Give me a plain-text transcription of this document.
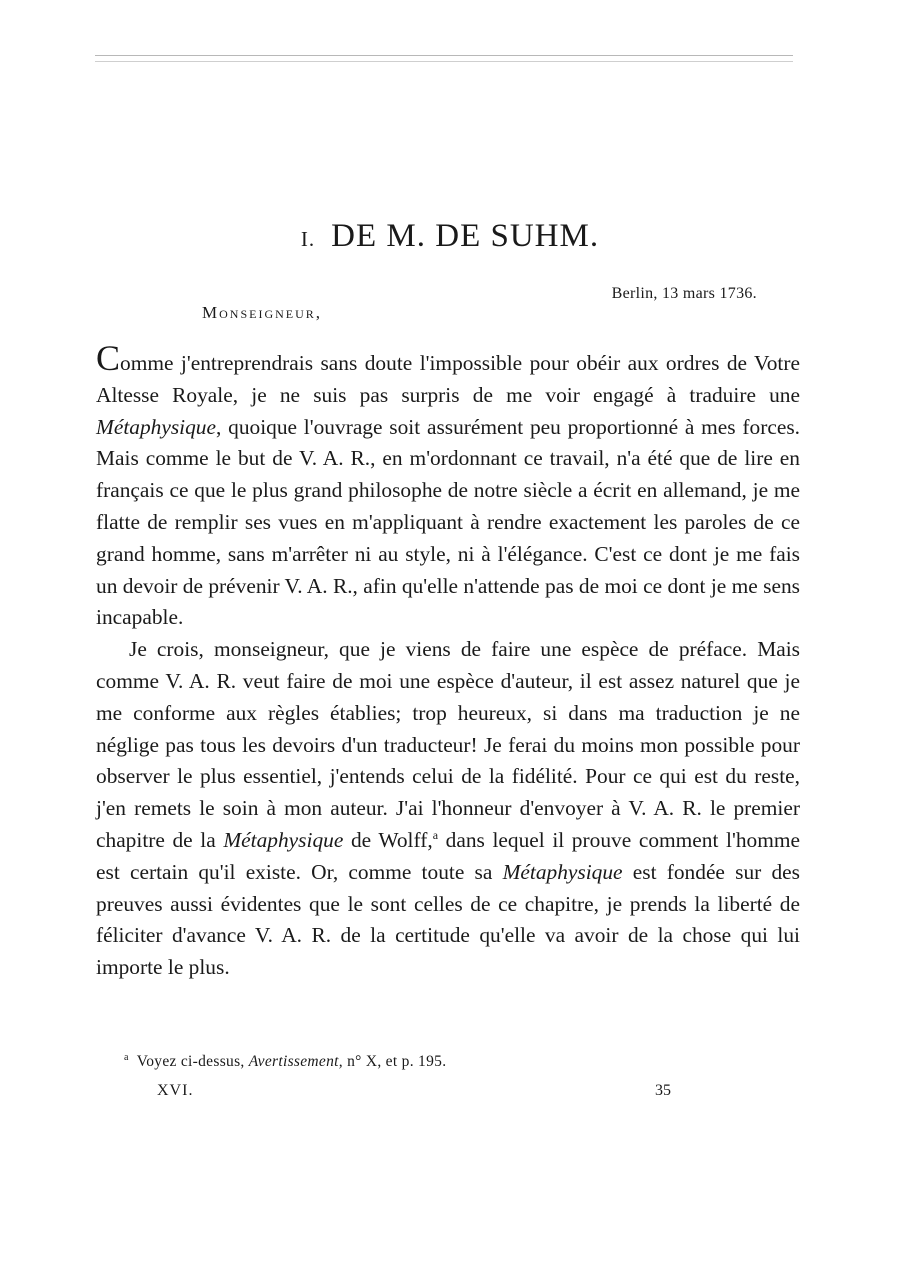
I. DE M. DE SUHM.
Berlin, 13 mars 1736.
Monseigneur,

Comme j'entreprendrais sans doute l'impossible pour obéir aux ordres de Votre Altesse Royale, je ne suis pas surpris de me voir engagé à traduire une Métaphysique, quoique l'ouvrage soit assurément peu proportionné à mes forces. Mais comme le but de V. A. R., en m'ordonnant ce travail, n'a été que de lire en français ce que le plus grand philosophe de notre siècle a écrit en allemand, je me flatte de remplir ses vues en m'appliquant à rendre exactement les paroles de ce grand homme, sans m'arrêter ni au style, ni à l'élégance. C'est ce dont je me fais un devoir de prévenir V. A. R., afin qu'elle n'attende pas de moi ce dont je me sens incapable.

Je crois, monseigneur, que je viens de faire une espèce de préface. Mais comme V. A. R. veut faire de moi une espèce d'auteur, il est assez naturel que je me conforme aux règles établies; trop heureux, si dans ma traduction je ne néglige pas tous les devoirs d'un traducteur! Je ferai du moins mon possible pour observer le plus essentiel, j'entends celui de la fidélité. Pour ce qui est du reste, j'en remets le soin à mon auteur. J'ai l'honneur d'envoyer à V. A. R. le premier chapitre de la Métaphysique de Wolff,$^a$ dans lequel il prouve comment l'homme est certain qu'il existe. Or, comme toute sa Métaphysique est fondée sur des preuves aussi évidentes que le sont celles de ce chapitre, je prends la liberté de féliciter d'avance V. A. R. de la certitude qu'elle va avoir de la chose qui lui importe le plus.

$^a$ Voyez ci-dessus, Avertissement, n° X, et p. 195.
XVI.	35
